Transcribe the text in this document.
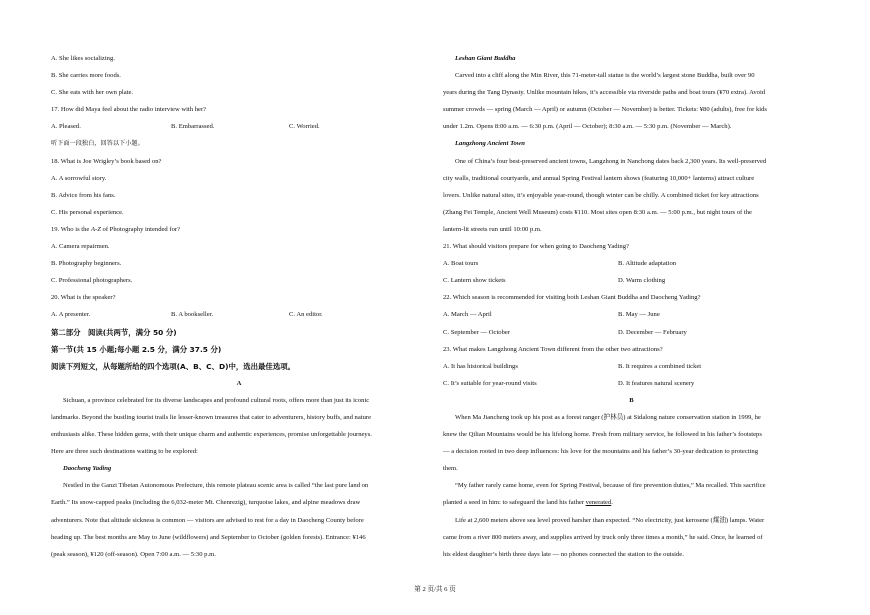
A. She likes socializing.
B. She carries more foods.
C. She eats with her own plate.
17. How did Maya feel about the radio interview with her?
A. Pleased.	B. Embarrassed.	C. Worried.
听下面一段独白，回答以下小题。
18. What is Joe Wrigley’s book based on?
A. A sorrowful story.
B. Advice from his fans.
C. His personal experience.
19. Who is the A-Z of Photography intended for?
A. Camera repairmen.
B. Photography beginners.
C. Professional photographers.
20. What is the speaker?
A. A presenter.	B. A bookseller.	C. An editor.
第二部分　阅读(共两节，满分 50 分)
第一节(共 15 小题;每小题 2.5 分，满分 37.5 分)
阅读下列短文，从每题所给的四个选项(A、B、C、D)中，选出最佳选项。
A
Sichuan, a province celebrated for its diverse landscapes and profound cultural roots, offers more than just its iconic
landmarks. Beyond the bustling tourist trails lie lesser-known treasures that cater to adventurers, history buffs, and nature
enthusiasts alike. These hidden gems, with their unique charm and authentic experiences, promise unforgettable journeys.
Here are three such destinations waiting to be explored:
Daocheng Yading
Nestled in the Ganzi Tibetan Autonomous Prefecture, this remote plateau scenic area is called “the last pure land on
Earth.” Its snow-capped peaks (including the 6,032-meter Mt. Chenrezig), turquoise lakes, and alpine meadows draw
adventurers. Note that altitude sickness is common — visitors are advised to rest for a day in Daocheng County before
heading up. The best months are May to June (wildflowers) and September to October (golden forests). Entrance: ¥146
(peak season), ¥120 (off-season). Open 7:00 a.m. — 5:30 p.m.
Leshan Giant Buddha
Carved into a cliff along the Min River, this 71-meter-tall statue is the world’s largest stone Buddha, built over 90
years during the Tang Dynasty. Unlike mountain hikes, it’s accessible via riverside paths and boat tours (¥70 extra). Avoid
summer crowds — spring (March — April) or autumn (October — November) is better. Tickets: ¥80 (adults), free for kids
under 1.2m. Opens 8:00 a.m. — 6:30 p.m. (April — October); 8:30 a.m. — 5:30 p.m. (November — March).
Langzhong Ancient Town
One of China’s four best-preserved ancient towns, Langzhong in Nanchong dates back 2,300 years. Its well-preserved
city walls, traditional courtyards, and annual Spring Festival lantern shows (featuring 10,000+ lanterns) attract culture
lovers. Unlike natural sites, it’s enjoyable year-round, though winter can be chilly. A combined ticket for key attractions
(Zhang Fei Temple, Ancient Well Museum) costs ¥110. Most sites open 8:30 a.m. — 5:00 p.m., but night tours of the
lantern-lit streets run until 10:00 p.m.
21. What should visitors prepare for when going to Daocheng Yading?
A. Boat tours	B. Altitude adaptation
C. Lantern show tickets	D. Warm clothing
22. Which season is recommended for visiting both Leshan Giant Buddha and Daocheng Yading?
A. March — April	B. May — June
C. September — October	D. December — February
23. What makes Langzhong Ancient Town different from the other two attractions?
A. It has historical buildings	B. It requires a combined ticket
C. It’s suitable for year-round visits	D. It features natural scenery
B
When Ma Jiancheng took up his post as a forest ranger (护林员) at Sidalong nature conservation station in 1999, he
knew the Qilian Mountains would be his lifelong home. Fresh from military service, he followed in his father’s footsteps
— a decision rooted in two deep influences: his love for the mountains and his father’s 30-year dedication to protecting
them.
“My father rarely came home, even for Spring Festival, because of fire prevention duties,” Ma recalled. This sacrifice
planted a seed in him: to safeguard the land his father venerated.
Life at 2,600 meters above sea level proved harsher than expected. “No electricity, just kerosene (煤油) lamps. Water
came from a river 800 meters away, and supplies arrived by truck only three times a month,” he said. Once, he learned of
his eldest daughter’s birth three days late — no phones connected the station to the outside.
第 2 页/共 6 页
